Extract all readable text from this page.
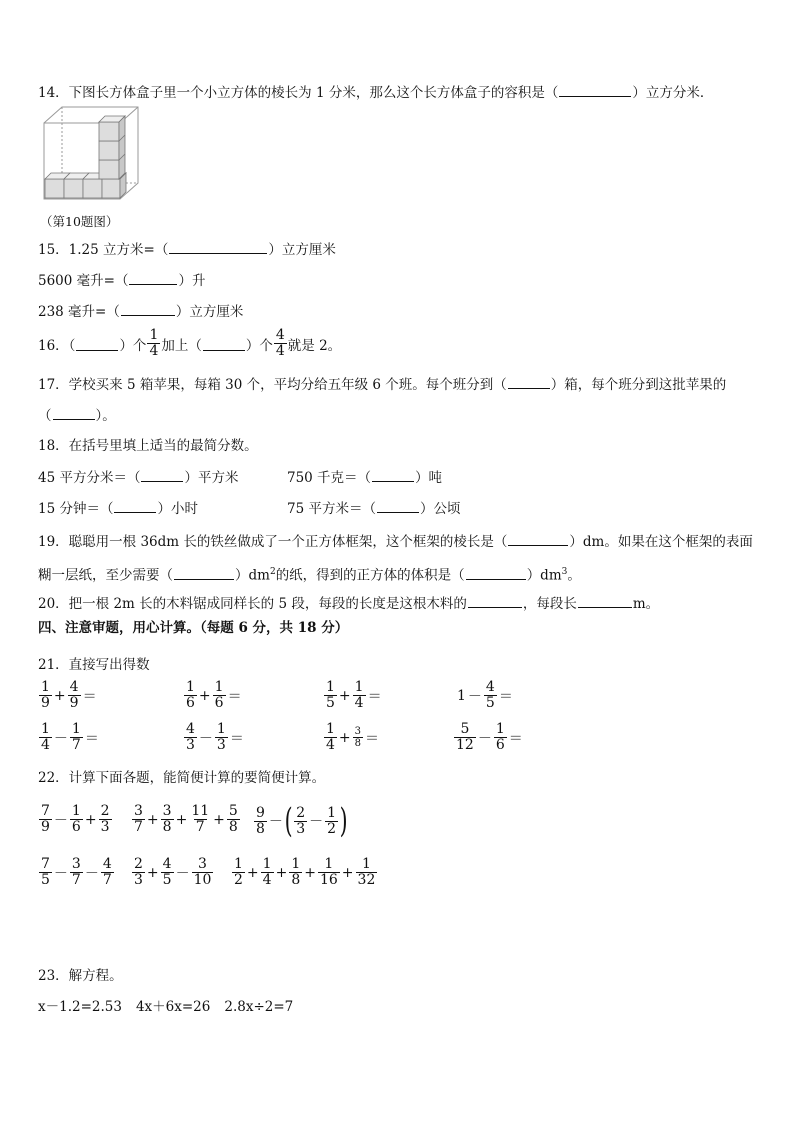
14．下图长方体盒子里一个小立方体的棱长为 1 分米，那么这个长方体盒子的容积是（	）立方分米．
（第10题图）
15．1.25 立方米=（	）立方厘米
5600 毫升=（	）升
238 毫升=（	）立方厘米
16．（	）个 $\frac{1}{4}$ 加上（	）个 $\frac{4}{4}$ 就是 2。
17．学校买来 5 箱苹果，每箱 30 个，平均分给五年级 6 个班。每个班分到（	）箱，每个班分到这批苹果的
（	）。
18．在括号里填上适当的最简分数。
45 平方分米＝（	）平方米	750 千克＝（	）吨
15 分钟＝（	）小时	75 平方米＝（	）公顷
19．聪聪用一根 36dm 长的铁丝做成了一个正方体框架，这个框架的棱长是（	）dm。如果在这个框架的表面
糊一层纸，至少需要（	）$dm^2$的纸，得到的正方体的体积是（	）$dm^3$。
20．把一根 2m 长的木料锯成同样长的 5 段，每段的长度是这根木料的	，每段长	m。
四、注意审题，用心计算。（每题 6 分，共 18 分）
21．直接写出得数
$\frac{1}{9} + \frac{4}{9}$ ＝	$\frac{1}{6} + \frac{1}{6}$ ＝	$\frac{1}{5} + \frac{1}{4}$ ＝	$1 - \frac{4}{5}$ ＝
$\frac{1}{4} - \frac{1}{7}$ ＝	$\frac{4}{3} - \frac{1}{3}$ ＝	$\frac{1}{4} + \frac{3}{8}$ ＝	$\frac{5}{12} - \frac{1}{6}$ ＝
22．计算下面各题，能简便计算的要简便计算。
$\frac{7}{9} - \frac{1}{6} + \frac{2}{3} \frac{3}{7} + \frac{3}{8} + \frac{11}{7} + \frac{5}{8} \frac{9}{8}$ － ( $\frac{2}{3} - \frac{1}{2}$ )
$\frac{7}{5} - \frac{3}{7} - \frac{4}{7} \frac{2}{3} + \frac{4}{5} - \frac{3}{10} \frac{1}{2} + \frac{1}{4} + \frac{1}{8} + \frac{1}{16} + \frac{1}{32}$
23．解方程。
x－1.2=2.53 4x＋6x=26 2.8x÷2=7
